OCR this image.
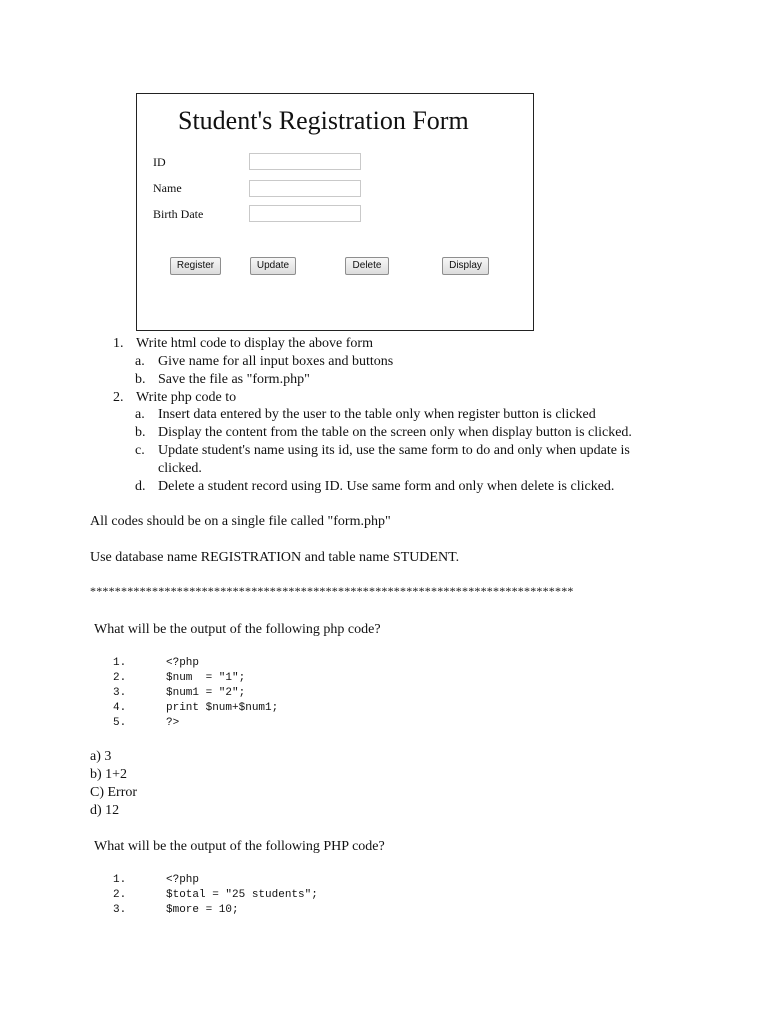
Student's Registration Form
ID
Name
Birth Date
Register	Update	Delete	Display
1. Write html code to display the above form
a. Give name for all input boxes and buttons
b. Save the file as "form.php"
2. Write php code to
a. Insert data entered by the user to the table only when register button is clicked
b. Display the content from the table on the screen only when display button is clicked.
c. Update student's name using its id, use the same form to do and only when update is
clicked.
d. Delete a student record using ID. Use same form and only when delete is clicked.
All codes should be on a single file called "form.php"
Use database name REGISTRATION and table name STUDENT.
******************************************************************************
What will be the output of the following php code?
1.	<?php
2.	$num  = "1";
3.	$num1 = "2";
4.	print $num+$num1;
5.	?>
a) 3
b) 1+2
C) Error
d) 12
What will be the output of the following PHP code?
1.	<?php
2.	$total = "25 students";
3.	$more = 10;
